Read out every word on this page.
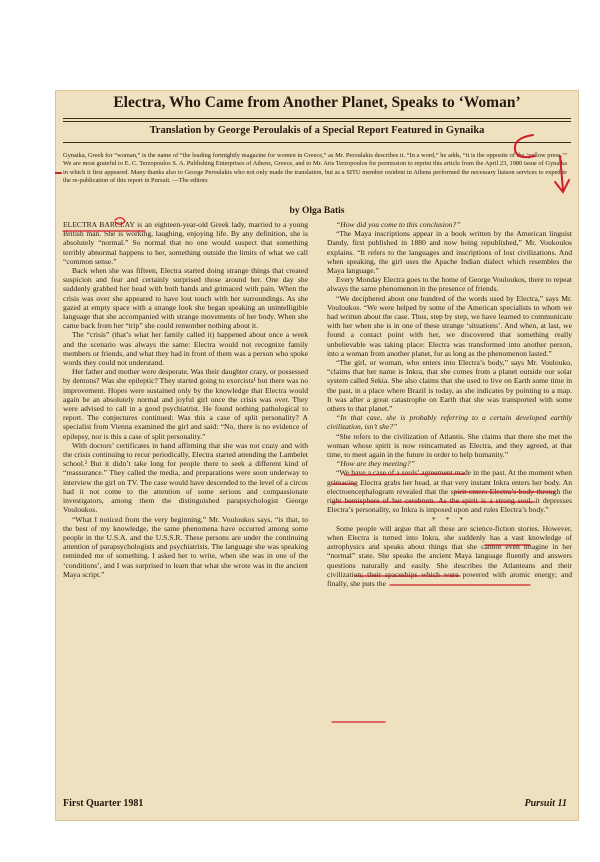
Electra, Who Came from Another Planet, Speaks to ‘Woman’
Translation by George Peroulakis of a Special Report Featured in Gynaika
Gynaika, Greek for “woman,” is the name of “the leading fortnightly magazine for women in Greece,” as Mr. Peroulakis describes it. “In a word,” he adds, “it is the opposite of the ‘yellow press.’” We are most grateful to E. C. Terzopoulos S. A. Publishing Enterprises of Athens, Greece, and to Mr. Aris Terzopoulos for permission to reprint this article from the April 23, 1980 issue of Gynaika in which it first appeared. Many thanks also to George Peroulakis who not only made the translation, but as a SITU member resident in Athens performed the necessary liaison services to expedite the re-publication of this report in Pursuit. —The editors
by Olga Batis

ELECTRA BARCLAY is an eighteen-year-old Greek lady, married to a young British man. She is working, laughing, enjoying life. By any definition, she is absolutely “normal.” So normal that no one would suspect that something terribly abnormal happens to her, something outside the limits of what we call “common sense.”

Back when she was fifteen, Electra started doing strange things that created suspicion and fear and certainly surprised those around her. One day she suddenly grabbed her head with both hands and grimaced with pain. When the crisis was over she appeared to have lost touch with her surroundings. As she gazed at empty space with a strange look she began speaking an unintelligible language that she accompanied with strange movements of her body. When she came back from her “trip” she could remember nothing about it.

The “crisis” (that’s what her family called it) happened about once a week and the scenario was always the same: Electra would not recognize family members or friends, and what they had in front of them was a person who spoke words they could not understand.

Her father and mother were desperate. Was their daughter crazy, or possessed by demons? Was she epileptic? They started going to exorcists¹ but there was no improvement. Hopes were sustained only by the knowledge that Electra would again be an absolutely normal and joyful girl once the crisis was over. They were advised to call in a good psychiatrist. He found nothing pathological to report. The conjectures continued: Was this a case of split personality? A specialist from Vienna examined the girl and said: “No, there is no evidence of epilepsy, nor is this a case of split personality.”

With doctors’ certificates in hand affirming that she was not crazy and with the crisis continuing to recur periodically, Electra started attending the Lambelet school.² But it didn’t take long for people there to seek a different kind of “reassurance.” They called the media, and preparations were soon underway to interview the girl on TV. The case would have descended to the level of a circus had it not come to the attention of some serious and compassionate investigators, among them the distinguished parapsychologist George Vouloukos.

“What I noticed from the very beginning,” Mr. Vouloukos says, “is that, to the best of my knowledge, the same phenomena have occurred among some people in the U.S.A. and the U.S.S.R. These persons are under the continuing attention of parapsychologists and psychiatrists. The language she was speaking reminded me of something. I asked her to write, when she was in one of the ‘conditions’, and I was surprised to learn that what she wrote was in the ancient Maya script.”

“How did you come to this conclusion?”

“The Maya inscriptions appear in a book written by the American linguist Dandy, first published in 1880 and now being republished,” Mr. Voukoulos explains. “It refers to the languages and inscriptions of lost civilizations. And when speaking, the girl uses the Apache Indian dialect which resembles the Maya language.”

Every Monday Electra goes to the home of George Vouloukos, there to repeat always the same phenomenon in the presence of friends.

“We deciphered about one hundred of the words used by Electra,” says Mr. Vouloukos. “We were helped by some of the American specialists to whom we had written about the case. Thus, step by step, we have learned to communicate with her when she is in one of these strange ‘situations’. And when, at last, we found a contact point with her, we discovered that something really unbelievable was taking place: Electra was transformed into another person, into a woman from another planet, for as long as the phenomenon lasted.”

“The girl, or woman, who enters into Electra’s body,” says Mr. Voulouko, “claims that her name is Inkra, that she comes from a planet outside our solar system called Sekia. She also claims that she used to live on Earth some time in the past, in a place where Brazil is today, as she indicates by pointing to a map. It was after a great catastrophe on Earth that she was transported with some others to that planet.”

“In that case, she is probably referring to a certain developed earthly civilization, isn’t she?”

“She refers to the civilization of Atlantis. She claims that there she met the woman whose spirit is now reincarnated as Electra, and they agreed, at that time, to meet again in the future in order to help humanity.”

“How are they meeting?”

“We have a case of a souls’ agreement made in the past. At the moment when grimacing Electra grabs her head, at that very instant Inkra enters her body. An electroencephalogram revealed that the spirit enters Electra’s body through the right hemisphere of her cerebrum. As the spirit is a strong soul, it depresses Electra’s personality, so Inkra is imposed upon and rules Electra’s body.”

* * *

Some people will argue that all these are science-fiction stories. However, when Electra is turned into Inkra, she suddenly has a vast knowledge of astrophysics and speaks about things that she cannot even imagine in her “normal” state. She speaks the ancient Maya language fluently and answers questions naturally and easily. She describes the Atlanteans and their civilization; their spaceships which were powered with atomic energy; and finally, she puts the

First Quarter 1981	Pursuit 11
